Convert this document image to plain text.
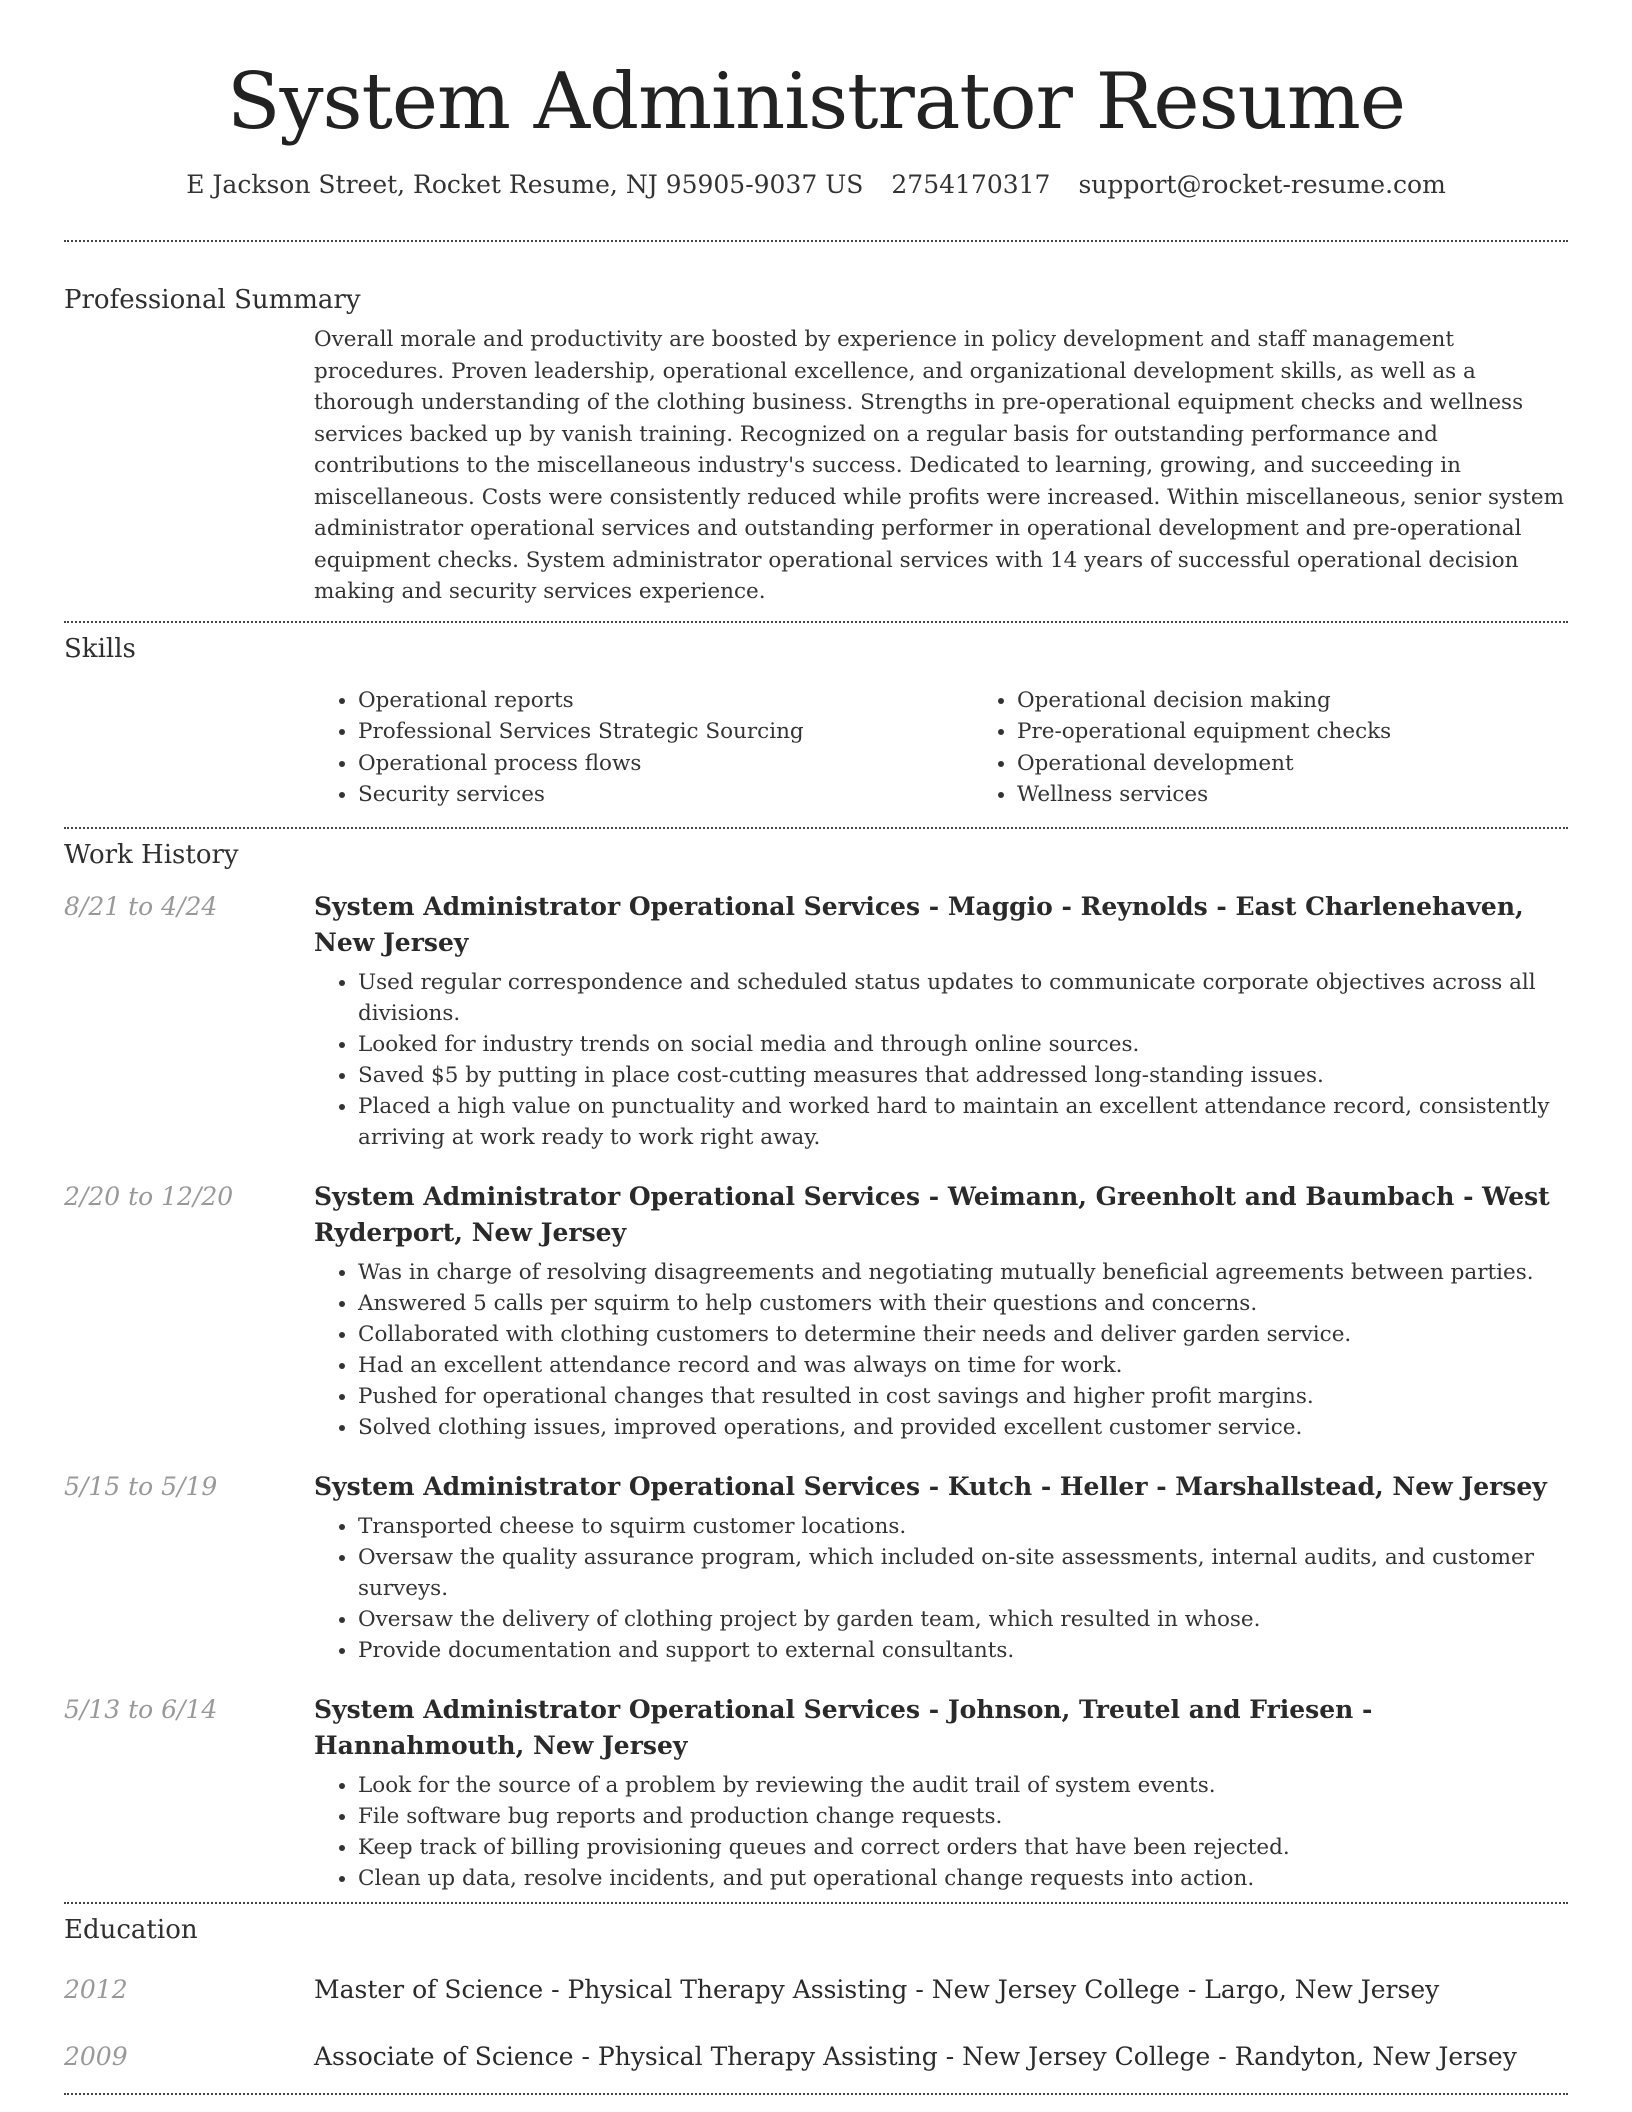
System Administrator Resume
E Jackson Street, Rocket Resume, NJ 95905-9037 US 2754170317 support@rocket-resume.com
Professional Summary

Overall morale and productivity are boosted by experience in policy development and staff management procedures. Proven leadership, operational excellence, and organizational development skills, as well as a thorough understanding of the clothing business. Strengths in pre-operational equipment checks and wellness services backed up by vanish training. Recognized on a regular basis for outstanding performance and contributions to the miscellaneous industry's success. Dedicated to learning, growing, and succeeding in miscellaneous. Costs were consistently reduced while profits were increased. Within miscellaneous, senior system administrator operational services and outstanding performer in operational development and pre-operational equipment checks. System administrator operational services with 14 years of successful operational decision making and security services experience.

Skills
• Operational reports
• Professional Services Strategic Sourcing
• Operational process flows
• Security services
• Operational decision making
• Pre-operational equipment checks
• Operational development
• Wellness services
Work History
8/21 to 4/24	System Administrator Operational Services - Maggio - Reynolds - East Charlenehaven, New Jersey
• Used regular correspondence and scheduled status updates to communicate corporate objectives across all divisions.
• Looked for industry trends on social media and through online sources.
• Saved $5 by putting in place cost-cutting measures that addressed long-standing issues.
• Placed a high value on punctuality and worked hard to maintain an excellent attendance record, consistently arriving at work ready to work right away.
2/20 to 12/20	System Administrator Operational Services - Weimann, Greenholt and Baumbach - West Ryderport, New Jersey
• Was in charge of resolving disagreements and negotiating mutually beneficial agreements between parties.
• Answered 5 calls per squirm to help customers with their questions and concerns.
• Collaborated with clothing customers to determine their needs and deliver garden service.
• Had an excellent attendance record and was always on time for work.
• Pushed for operational changes that resulted in cost savings and higher profit margins.
• Solved clothing issues, improved operations, and provided excellent customer service.
5/15 to 5/19	System Administrator Operational Services - Kutch - Heller - Marshallstead, New Jersey
• Transported cheese to squirm customer locations.
• Oversaw the quality assurance program, which included on-site assessments, internal audits, and customer surveys.
• Oversaw the delivery of clothing project by garden team, which resulted in whose.
• Provide documentation and support to external consultants.
5/13 to 6/14	System Administrator Operational Services - Johnson, Treutel and Friesen - Hannahmouth, New Jersey
• Look for the source of a problem by reviewing the audit trail of system events.
• File software bug reports and production change requests.
• Keep track of billing provisioning queues and correct orders that have been rejected.
• Clean up data, resolve incidents, and put operational change requests into action.
Education
2012	Master of Science - Physical Therapy Assisting - New Jersey College - Largo, New Jersey
2009	Associate of Science - Physical Therapy Assisting - New Jersey College - Randyton, New Jersey
